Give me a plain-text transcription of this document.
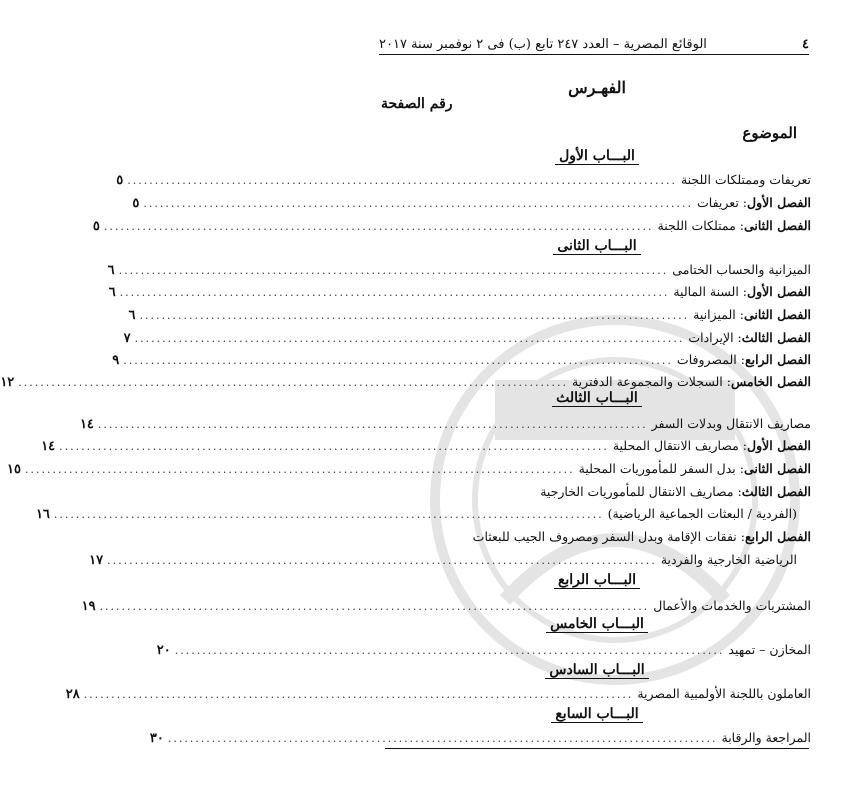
٤
الوقائع المصرية – العدد ٢٤٧ تابع (ب) فى ٢ نوفمبر سنة ٢٠١٧
الفهـرس
رقم الصفحة
الموضوع
البـــاب الأول
تعريفات وممتلكات اللجنة
....................................................................................................
٥
الفصل الأول: تعريفات
....................................................................................................
٥
الفصل الثانى: ممتلكات اللجنة
....................................................................................................
٥
البـــاب الثانى
الميزانية والحساب الختامى
....................................................................................................
٦
الفصل الأول: السنة المالية
....................................................................................................
٦
الفصل الثانى: الميزانية
....................................................................................................
٦
الفصل الثالث: الإيرادات
....................................................................................................
٧
الفصل الرابع: المصروفات
....................................................................................................
٩
الفصل الخامس: السجلات والمجموعة الدفترية
....................................................................................................
١٢
البـــاب الثالث
مصاريف الانتقال وبدلات السفر
....................................................................................................
١٤
الفصل الأول: مصاريف الانتقال المحلية
....................................................................................................
١٤
الفصل الثانى: بدل السفر للمأموريات المحلية
....................................................................................................
١٥
الفصل الثالث: مصاريف الانتقال للمأموريات الخارجية
(الفردية / البعثات الجماعية الرياضية)
....................................................................................................
١٦
الفصل الرابع: نفقات الإقامة وبدل السفر ومصروف الجيب للبعثات
الرياضية الخارجية والفردية
....................................................................................................
١٧
البـــاب الرابع
المشتريات والخدمات والأعمال
....................................................................................................
١٩
البـــاب الخامس
المخازن – تمهيد
....................................................................................................
٢٠
البـــاب السادس
العاملون باللجنة الأولمبية المصرية
....................................................................................................
٢٨
البـــاب السابع
المراجعة والرقابة
....................................................................................................
٣٠
